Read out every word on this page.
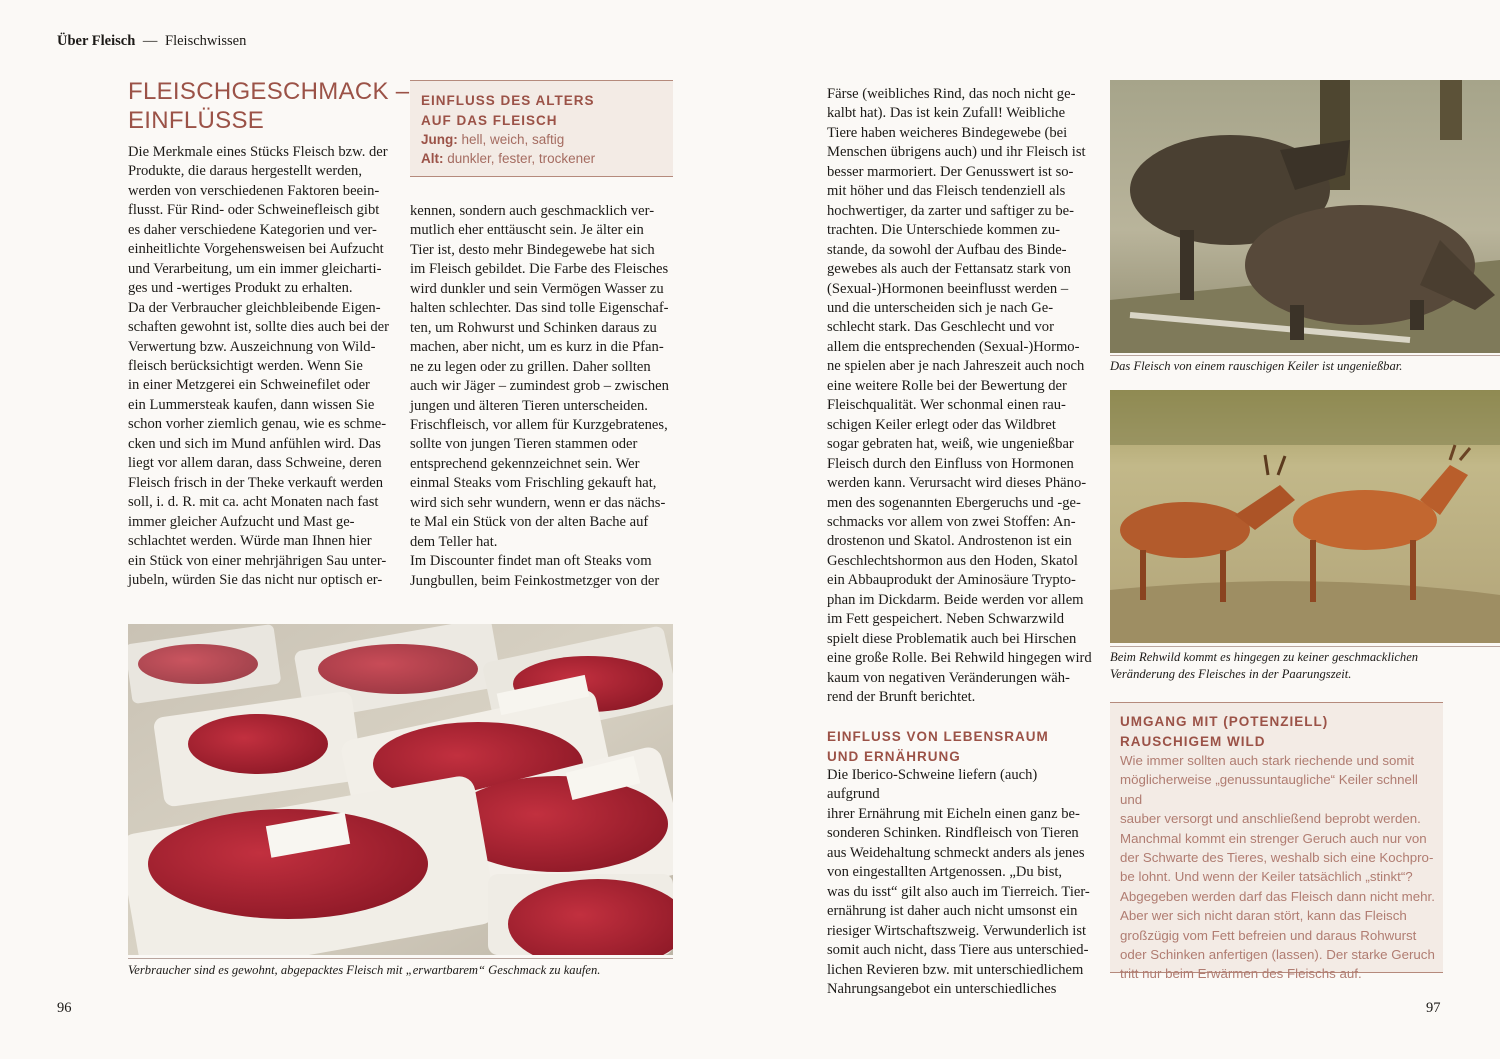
Über Fleisch — Fleischwissen
FLEISCHGESCHMACK –
EINFLÜSSE

Die Merkmale eines Stücks Fleisch bzw. der
Produkte, die daraus hergestellt werden,
werden von verschiedenen Faktoren beein-
flusst. Für Rind- oder Schweinefleisch gibt
es daher verschiedene Kategorien und ver-
einheitlichte Vorgehensweisen bei Aufzucht
und Verarbeitung, um ein immer gleicharti-
ges und -wertiges Produkt zu erhalten.
Da der Verbraucher gleichbleibende Eigen-
schaften gewohnt ist, sollte dies auch bei der
Verwertung bzw. Auszeichnung von Wild-
fleisch berücksichtigt werden. Wenn Sie
in einer Metzgerei ein Schweinefilet oder
ein Lummersteak kaufen, dann wissen Sie
schon vorher ziemlich genau, wie es schme-
cken und sich im Mund anfühlen wird. Das
liegt vor allem daran, dass Schweine, deren
Fleisch frisch in der Theke verkauft werden
soll, i. d. R. mit ca. acht Monaten nach fast
immer gleicher Aufzucht und Mast ge-
schlachtet werden. Würde man Ihnen hier
ein Stück von einer mehrjährigen Sau unter-
jubeln, würden Sie das nicht nur optisch er-

EINFLUSS DES ALTERS
AUF DAS FLEISCH

Jung: hell, weich, saftig

Alt: dunkler, fester, trockener

kennen, sondern auch geschmacklich ver-
mutlich eher enttäuscht sein. Je älter ein
Tier ist, desto mehr Bindegewebe hat sich
im Fleisch gebildet. Die Farbe des Fleisches
wird dunkler und sein Vermögen Wasser zu
halten schlechter. Das sind tolle Eigenschaf-
ten, um Rohwurst und Schinken daraus zu
machen, aber nicht, um es kurz in die Pfan-
ne zu legen oder zu grillen. Daher sollten
auch wir Jäger – zumindest grob – zwischen
jungen und älteren Tieren unterscheiden.
Frischfleisch, vor allem für Kurzgebratenes,
sollte von jungen Tieren stammen oder
entsprechend gekennzeichnet sein. Wer
einmal Steaks vom Frischling gekauft hat,
wird sich sehr wundern, wenn er das nächs-
te Mal ein Stück von der alten Bache auf
dem Teller hat.
Im Discounter findet man oft Steaks vom
Jungbullen, beim Feinkostmetzger von der

Verbraucher sind es gewohnt, abgepacktes Fleisch mit „erwartbarem“ Geschmack zu kaufen.

96

Färse (weibliches Rind, das noch nicht ge-
kalbt hat). Das ist kein Zufall! Weibliche
Tiere haben weicheres Bindegewebe (bei
Menschen übrigens auch) und ihr Fleisch ist
besser marmoriert. Der Genusswert ist so-
mit höher und das Fleisch tendenziell als
hochwertiger, da zarter und saftiger zu be-
trachten. Die Unterschiede kommen zu-
stande, da sowohl der Aufbau des Binde-
gewebes als auch der Fettansatz stark von
(Sexual-)Hormonen beeinflusst werden –
und die unterscheiden sich je nach Ge-
schlecht stark. Das Geschlecht und vor
allem die entsprechenden (Sexual-)Hormo-
ne spielen aber je nach Jahreszeit auch noch
eine weitere Rolle bei der Bewertung der
Fleischqualität. Wer schonmal einen rau-
schigen Keiler erlegt oder das Wildbret
sogar gebraten hat, weiß, wie ungenießbar
Fleisch durch den Einfluss von Hormonen
werden kann. Verursacht wird dieses Phäno-
men des sogenannten Ebergeruchs und -ge-
schmacks vor allem von zwei Stoffen: An-
drostenon und Skatol. Androstenon ist ein
Geschlechtshormon aus den Hoden, Skatol
ein Abbauprodukt der Aminosäure Trypto-
phan im Dickdarm. Beide werden vor allem
im Fett gespeichert. Neben Schwarzwild
spielt diese Problematik auch bei Hirschen
eine große Rolle. Bei Rehwild hingegen wird
kaum von negativen Veränderungen wäh-
rend der Brunft berichtet.

EINFLUSS VON LEBENSRAUM
UND ERNÄHRUNG

Die Iberico-Schweine liefern (auch) aufgrund
ihrer Ernährung mit Eicheln einen ganz be-
sonderen Schinken. Rindfleisch von Tieren
aus Weidehaltung schmeckt anders als jenes
von eingestallten Artgenossen. „Du bist,
was du isst“ gilt also auch im Tierreich. Tier-
ernährung ist daher auch nicht umsonst ein
riesiger Wirtschaftszweig. Verwunderlich ist
somit auch nicht, dass Tiere aus unterschied-
lichen Revieren bzw. mit unterschiedlichem
Nahrungsangebot ein unterschiedliches

Das Fleisch von einem rauschigen Keiler ist ungenießbar.

Beim Rehwild kommt es hingegen zu keiner geschmacklichen
Veränderung des Fleisches in der Paarungszeit.

UMGANG MIT (POTENZIELL)
RAUSCHIGEM WILD

Wie immer sollten auch stark riechende und somit
möglicherweise „genussuntaugliche“ Keiler schnell und
sauber versorgt und anschließend beprobt werden.
Manchmal kommt ein strenger Geruch auch nur von
der Schwarte des Tieres, weshalb sich eine Kochpro-
be lohnt. Und wenn der Keiler tatsächlich „stinkt“?
Abgegeben werden darf das Fleisch dann nicht mehr.
Aber wer sich nicht daran stört, kann das Fleisch
großzügig vom Fett befreien und daraus Rohwurst
oder Schinken anfertigen (lassen). Der starke Geruch
tritt nur beim Erwärmen des Fleischs auf.

97
